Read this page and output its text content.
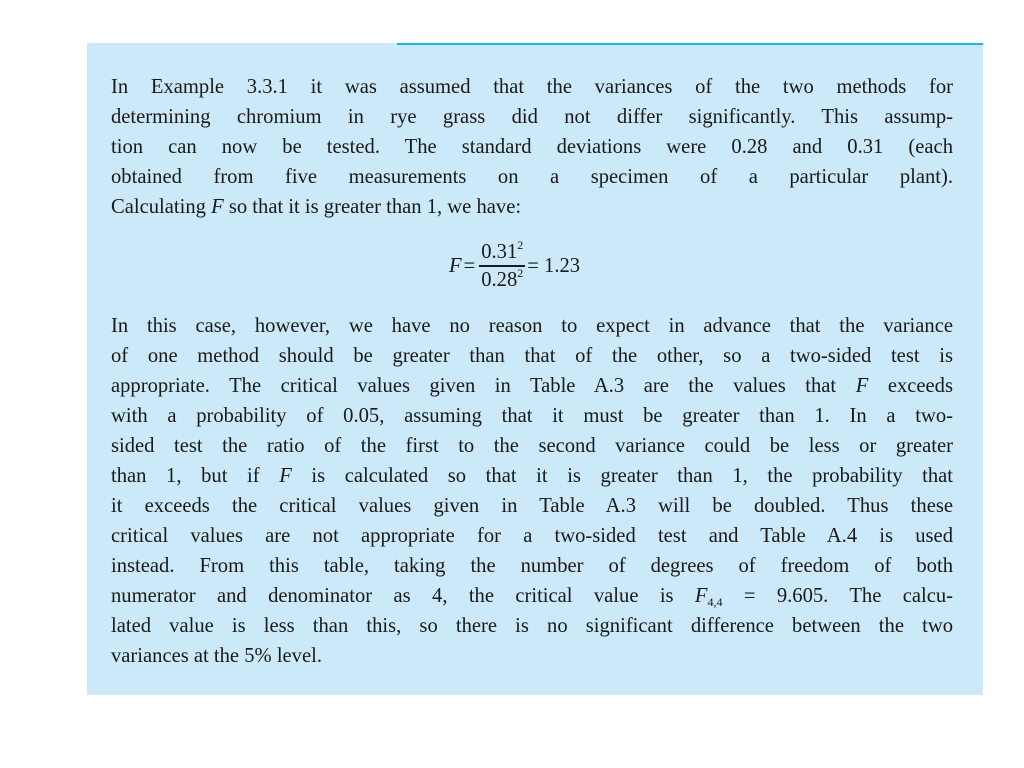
In Example 3.3.1 it was assumed that the variances of the two methods for
determining chromium in rye grass did not differ significantly. This assump-
tion can now be tested. The standard deviations were 0.28 and 0.31 (each
obtained from five measurements on a specimen of a particular plant).
Calculating F so that it is greater than 1, we have:
$F = \frac{0.31^2}{0.28^2} = 1.23$
In this case, however, we have no reason to expect in advance that the variance
of one method should be greater than that of the other, so a two-sided test is
appropriate. The critical values given in Table A.3 are the values that F exceeds
with a probability of 0.05, assuming that it must be greater than 1. In a two-
sided test the ratio of the first to the second variance could be less or greater
than 1, but if F is calculated so that it is greater than 1, the probability that
it exceeds the critical values given in Table A.3 will be doubled. Thus these
critical values are not appropriate for a two-sided test and Table A.4 is used
instead. From this table, taking the number of degrees of freedom of both
numerator and denominator as 4, the critical value is $F_{4,4} = 9.605$. The calcu-
lated value is less than this, so there is no significant difference between the two
variances at the 5% level.
